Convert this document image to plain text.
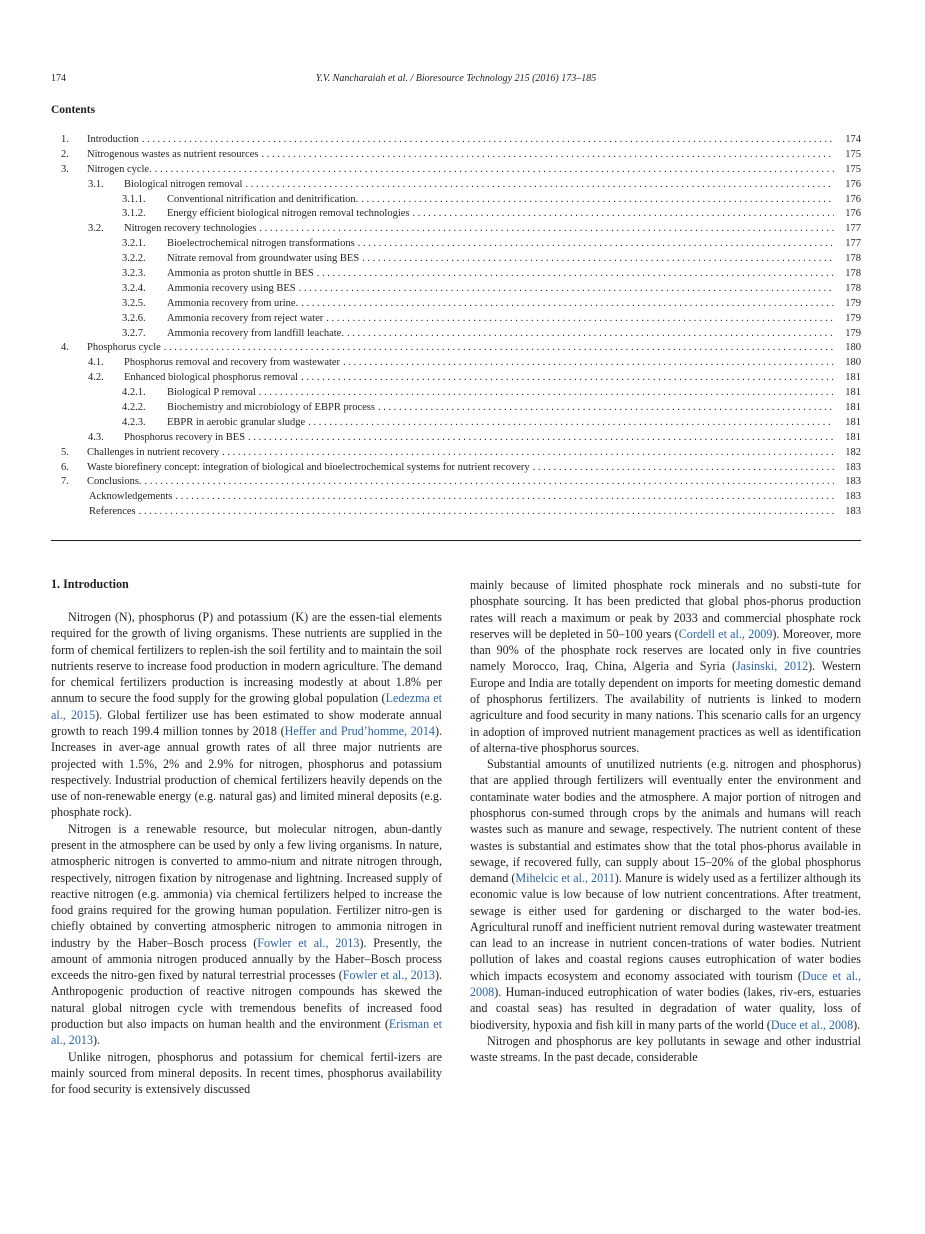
174	Y.V. Nancharaiah et al. / Bioresource Technology 215 (2016) 173–185
Contents
1. Introduction . . .	174
2. Nitrogenous wastes as nutrient resources . . .	175
3. Nitrogen cycle. . . .	175
3.1. Biological nitrogen removal . . .	176
3.1.1. Conventional nitrification and denitrification. . . .	176
3.1.2. Energy efficient biological nitrogen removal technologies . . .	176
3.2. Nitrogen recovery technologies . . .	177
3.2.1. Bioelectrochemical nitrogen transformations . . .	177
3.2.2. Nitrate removal from groundwater using BES . . .	178
3.2.3. Ammonia as proton shuttle in BES . . .	178
3.2.4. Ammonia recovery using BES . . .	178
3.2.5. Ammonia recovery from urine. . . .	179
3.2.6. Ammonia recovery from reject water . . .	179
3.2.7. Ammonia recovery from landfill leachate. . . .	179
4. Phosphorus cycle . . .	180
4.1. Phosphorus removal and recovery from wastewater . . .	180
4.2. Enhanced biological phosphorus removal . . .	181
4.2.1. Biological P removal . . .	181
4.2.2. Biochemistry and microbiology of EBPR process . . .	181
4.2.3. EBPR in aerobic granular sludge . . .	181
4.3. Phosphorus recovery in BES . . .	181
5. Challenges in nutrient recovery . . .	182
6. Waste biorefinery concept: integration of biological and bioelectrochemical systems for nutrient recovery . . .	183
7. Conclusions. . . .	183
Acknowledgements . . .	183
References . . .	183
1. Introduction

Nitrogen (N), phosphorus (P) and potassium (K) are the essen-tial elements required for the growth of living organisms. These nutrients are supplied in the form of chemical fertilizers to replen-ish the soil fertility and to maintain the soil nutrients reserve to increase food production in modern agriculture. The demand for chemical fertilizers production is increasing modestly at about 1.8% per annum to secure the food supply for the growing global population (Ledezma et al., 2015). Global fertilizer use has been estimated to show moderate annual growth to reach 199.4 million tonnes by 2018 (Heffer and Prud’homme, 2014). Increases in aver-age annual growth rates of all three major nutrients are projected with 1.5%, 2% and 2.9% for nitrogen, phosphorus and potassium respectively. Industrial production of chemical fertilizers heavily depends on the use of non-renewable energy (e.g. natural gas) and limited mineral deposits (e.g. phosphate rock).

Nitrogen is a renewable resource, but molecular nitrogen, abun-dantly present in the atmosphere can be used by only a few living organisms. In nature, atmospheric nitrogen is converted to ammo-nium and nitrate nitrogen through, respectively, nitrogen fixation by nitrogenase and lightning. Increased supply of reactive nitrogen (e.g. ammonia) via chemical fertilizers helped to increase the food grains required for the growing human population. Fertilizer nitro-gen is chiefly obtained by converting atmospheric nitrogen to ammonia nitrogen in industry by the Haber–Bosch process (Fowler et al., 2013). Presently, the amount of ammonia nitrogen produced annually by the Haber–Bosch process exceeds the nitro-gen fixed by natural terrestrial processes (Fowler et al., 2013). Anthropogenic production of reactive nitrogen compounds has skewed the natural global nitrogen cycle with tremendous benefits of increased food production but also impacts on human health and the environment (Erisman et al., 2013).

Unlike nitrogen, phosphorus and potassium for chemical fertil-izers are mainly sourced from mineral deposits. In recent times, phosphorus availability for food security is extensively discussed

mainly because of limited phosphate rock minerals and no substi-tute for phosphate sourcing. It has been predicted that global phos-phorus production rates will reach a maximum or peak by 2033 and commercial phosphate rock reserves will be depleted in 50–100 years (Cordell et al., 2009). Moreover, more than 90% of the phosphate rock reserves are located only in five countries namely Morocco, Iraq, China, Algeria and Syria (Jasinski, 2012). Western Europe and India are totally dependent on imports for meeting domestic demand of phosphorus fertilizers. The availability of nutrients is linked to modern agriculture and food security in many nations. This scenario calls for an urgency in adoption of improved nutrient management practices as well as identification of alterna-tive phosphorus sources.

Substantial amounts of unutilized nutrients (e.g. nitrogen and phosphorus) that are applied through fertilizers will eventually enter the environment and contaminate water bodies and the atmosphere. A major portion of nitrogen and phosphorus con-sumed through crops by the animals and humans will reach wastes such as manure and sewage, respectively. The nutrient content of these wastes is substantial and estimates show that the total phos-phorus available in sewage, if recovered fully, can supply about 15–20% of the global phosphorus demand (Mihelcic et al., 2011). Manure is widely used as a fertilizer although its economic value is low because of low nutrient concentrations. After treatment, sewage is either used for gardening or discharged to the water bod-ies. Agricultural runoff and inefficient nutrient removal during wastewater treatment can lead to an increase in nutrient concen-trations of water bodies. Nutrient pollution of lakes and coastal regions causes eutrophication of water bodies which impacts ecosystem and economy associated with tourism (Duce et al., 2008). Human-induced eutrophication of water bodies (lakes, riv-ers, estuaries and coastal seas) has resulted in degradation of water quality, loss of biodiversity, hypoxia and fish kill in many parts of the world (Duce et al., 2008).

Nitrogen and phosphorus are key pollutants in sewage and other industrial waste streams. In the past decade, considerable
